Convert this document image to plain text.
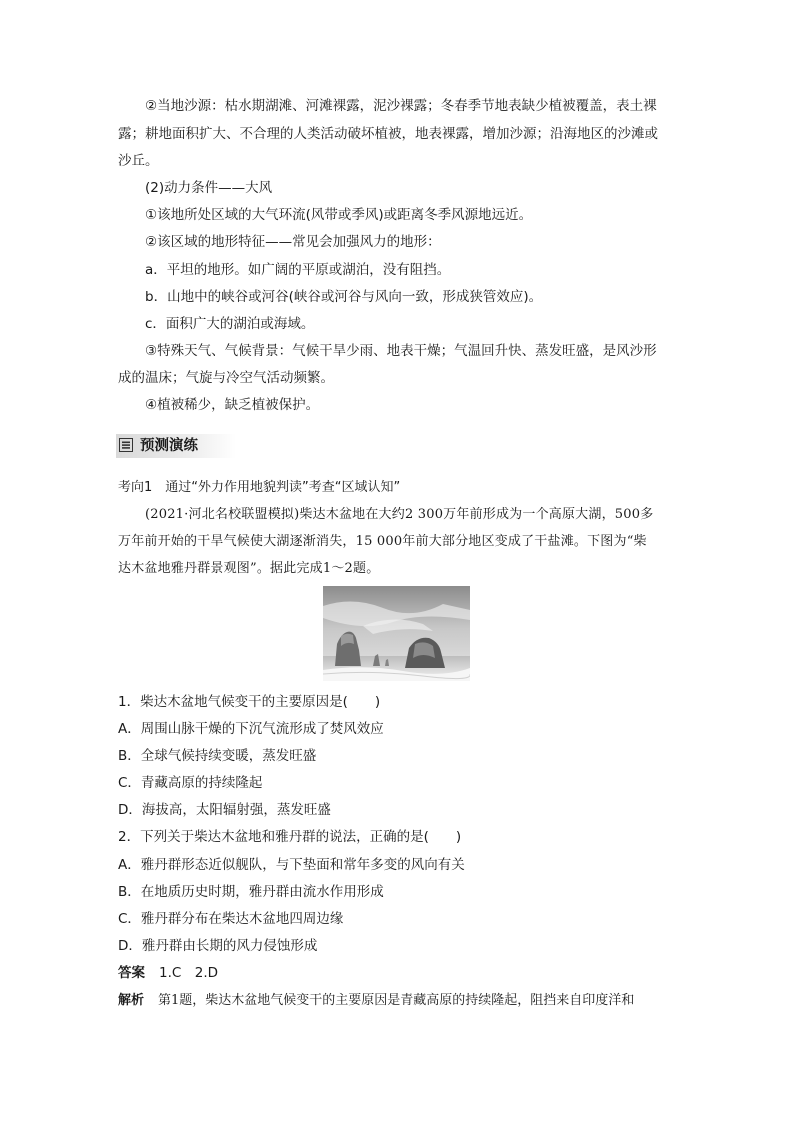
②当地沙源：枯水期湖滩、河滩裸露，泥沙裸露；冬春季节地表缺少植被覆盖，表土裸
露；耕地面积扩大、不合理的人类活动破坏植被，地表裸露，增加沙源；沿海地区的沙滩或
沙丘。
(2)动力条件——大风
①该地所处区域的大气环流(风带或季风)或距离冬季风源地远近。
②该区域的地形特征——常见会加强风力的地形：
a．平坦的地形。如广阔的平原或湖泊，没有阻挡。
b．山地中的峡谷或河谷(峡谷或河谷与风向一致，形成狭管效应)。
c．面积广大的湖泊或海域。
③特殊天气、气候背景：气候干旱少雨、地表干燥；气温回升快、蒸发旺盛，是风沙形
成的温床；气旋与冷空气活动频繁。
④植被稀少，缺乏植被保护。
预测演练
考向1　通过“外力作用地貌判读”考查“区域认知”
(2021·河北名校联盟模拟)柴达木盆地在大约2 300万年前形成为一个高原大湖，500多
万年前开始的干旱气候使大湖逐渐消失，15 000年前大部分地区变成了干盐滩。下图为“柴
达木盆地雅丹群景观图”。据此完成1～2题。
1．柴达木盆地气候变干的主要原因是(　　)
A．周围山脉干燥的下沉气流形成了焚风效应
B．全球气候持续变暖，蒸发旺盛
C．青藏高原的持续隆起
D．海拔高，太阳辐射强，蒸发旺盛
2．下列关于柴达木盆地和雅丹群的说法，正确的是(　　)
A．雅丹群形态近似舰队，与下垫面和常年多变的风向有关
B．在地质历史时期，雅丹群由流水作用形成
C．雅丹群分布在柴达木盆地四周边缘
D．雅丹群由长期的风力侵蚀形成
答案 1.C　2.D
解析 第1题，柴达木盆地气候变干的主要原因是青藏高原的持续隆起，阻挡来自印度洋和
